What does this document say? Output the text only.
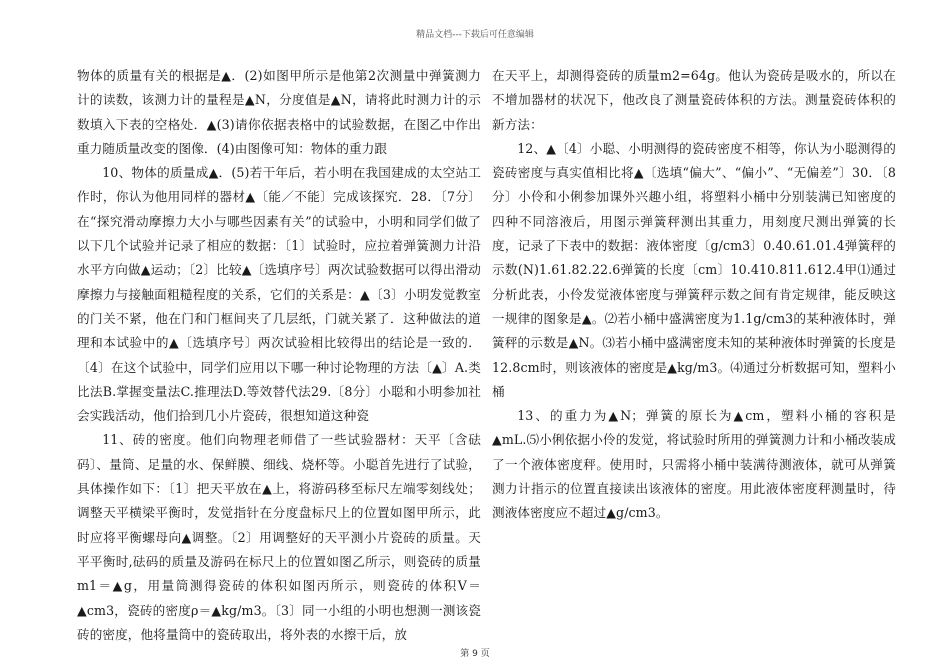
精品文档---下载后可任意编辑

物体的质量有关的根据是▲．(2)如图甲所示是他第2次测量中弹簧测力计的读数，该测力计的量程是▲N，分度值是▲N，请将此时测力计的示数填入下表的空格处．▲(3)请你依据表格中的试验数据，在图乙中作出重力随质量改变的图像．(4)由图像可知：物体的重力跟

10、物体的质量成▲．(5)若干年后，若小明在我国建成的太空站工作时，你认为他用同样的器材▲〔能／不能〕完成该探究．28．〔7分〕在“探究滑动摩擦力大小与哪些因素有关”的试验中，小明和同学们做了以下几个试验并记录了相应的数据：〔1〕试验时，应拉着弹簧测力计沿水平方向做▲运动；〔2〕比较▲〔选填序号〕两次试验数据可以得出滑动摩擦力与接触面粗糙程度的关系，它们的关系是：▲〔3〕小明发觉教室的门关不紧，他在门和门框间夹了几层纸，门就关紧了．这种做法的道理和本试验中的▲〔选填序号〕两次试验相比较得出的结论是一致的．〔4〕在这个试验中，同学们应用以下哪一种讨论物理的方法〔▲〕A.类比法B.掌握变量法C.推理法D.等效替代法29.〔8分〕小聪和小明参加社会实践活动，他们拾到几小片瓷砖，很想知道这种瓷

11、砖的密度。他们向物理老师借了一些试验器材：天平〔含砝码〕、量筒、足量的水、保鲜膜、细线、烧杯等。小聪首先进行了试验，具体操作如下：〔1〕把天平放在▲上，将游码移至标尺左端零刻线处；调整天平横梁平衡时，发觉指针在分度盘标尺上的位置如图甲所示，此时应将平衡螺母向▲调整。〔2〕用调整好的天平测小片瓷砖的质量。天平平衡时,砝码的质量及游码在标尺上的位置如图乙所示，则瓷砖的质量m1＝▲g，用量筒测得瓷砖的体积如图丙所示，则瓷砖的体积V＝▲cm3，瓷砖的密度ρ＝▲kg/m3。〔3〕同一小组的小明也想测一测该瓷砖的密度，他将量筒中的瓷砖取出，将外表的水擦干后，放

在天平上，却测得瓷砖的质量m2=64g。他认为瓷砖是吸水的，所以在不增加器材的状况下，他改良了测量瓷砖体积的方法。测量瓷砖体积的新方法：

12、▲〔4〕小聪、小明测得的瓷砖密度不相等，你认为小聪测得的瓷砖密度与真实值相比将▲〔选填“偏大”、“偏小”、“无偏差”〕30．〔8分〕小伶和小俐参加课外兴趣小组，将塑料小桶中分别装满已知密度的四种不同溶液后，用图示弹簧秤测出其重力，用刻度尺测出弹簧的长度，记录了下表中的数据：液体密度〔g/cm3〕0.40.61.01.4弹簧秤的示数(N)1.61.82.22.6弹簧的长度〔cm〕10.410.811.612.4甲⑴通过分析此表，小伶发觉液体密度与弹簧秤示数之间有肯定规律，能反映这一规律的图象是▲。⑵若小桶中盛满密度为1.1g/cm3的某种液体时，弹簧秤的示数是▲N。⑶若小桶中盛满密度未知的某种液体时弹簧的长度是12.8cm时，则该液体的密度是▲kg/m3。⑷通过分析数据可知，塑料小桶

13、的重力为▲N；弹簧的原长为▲cm，塑料小桶的容积是▲mL.⑸小俐依据小伶的发觉，将试验时所用的弹簧测力计和小桶改装成了一个液体密度秤。使用时，只需将小桶中装满待测液体，就可从弹簧测力计指示的位置直接读出该液体的密度。用此液体密度秤测量时，待测液体密度应不超过▲g/cm3。

第 9 页
